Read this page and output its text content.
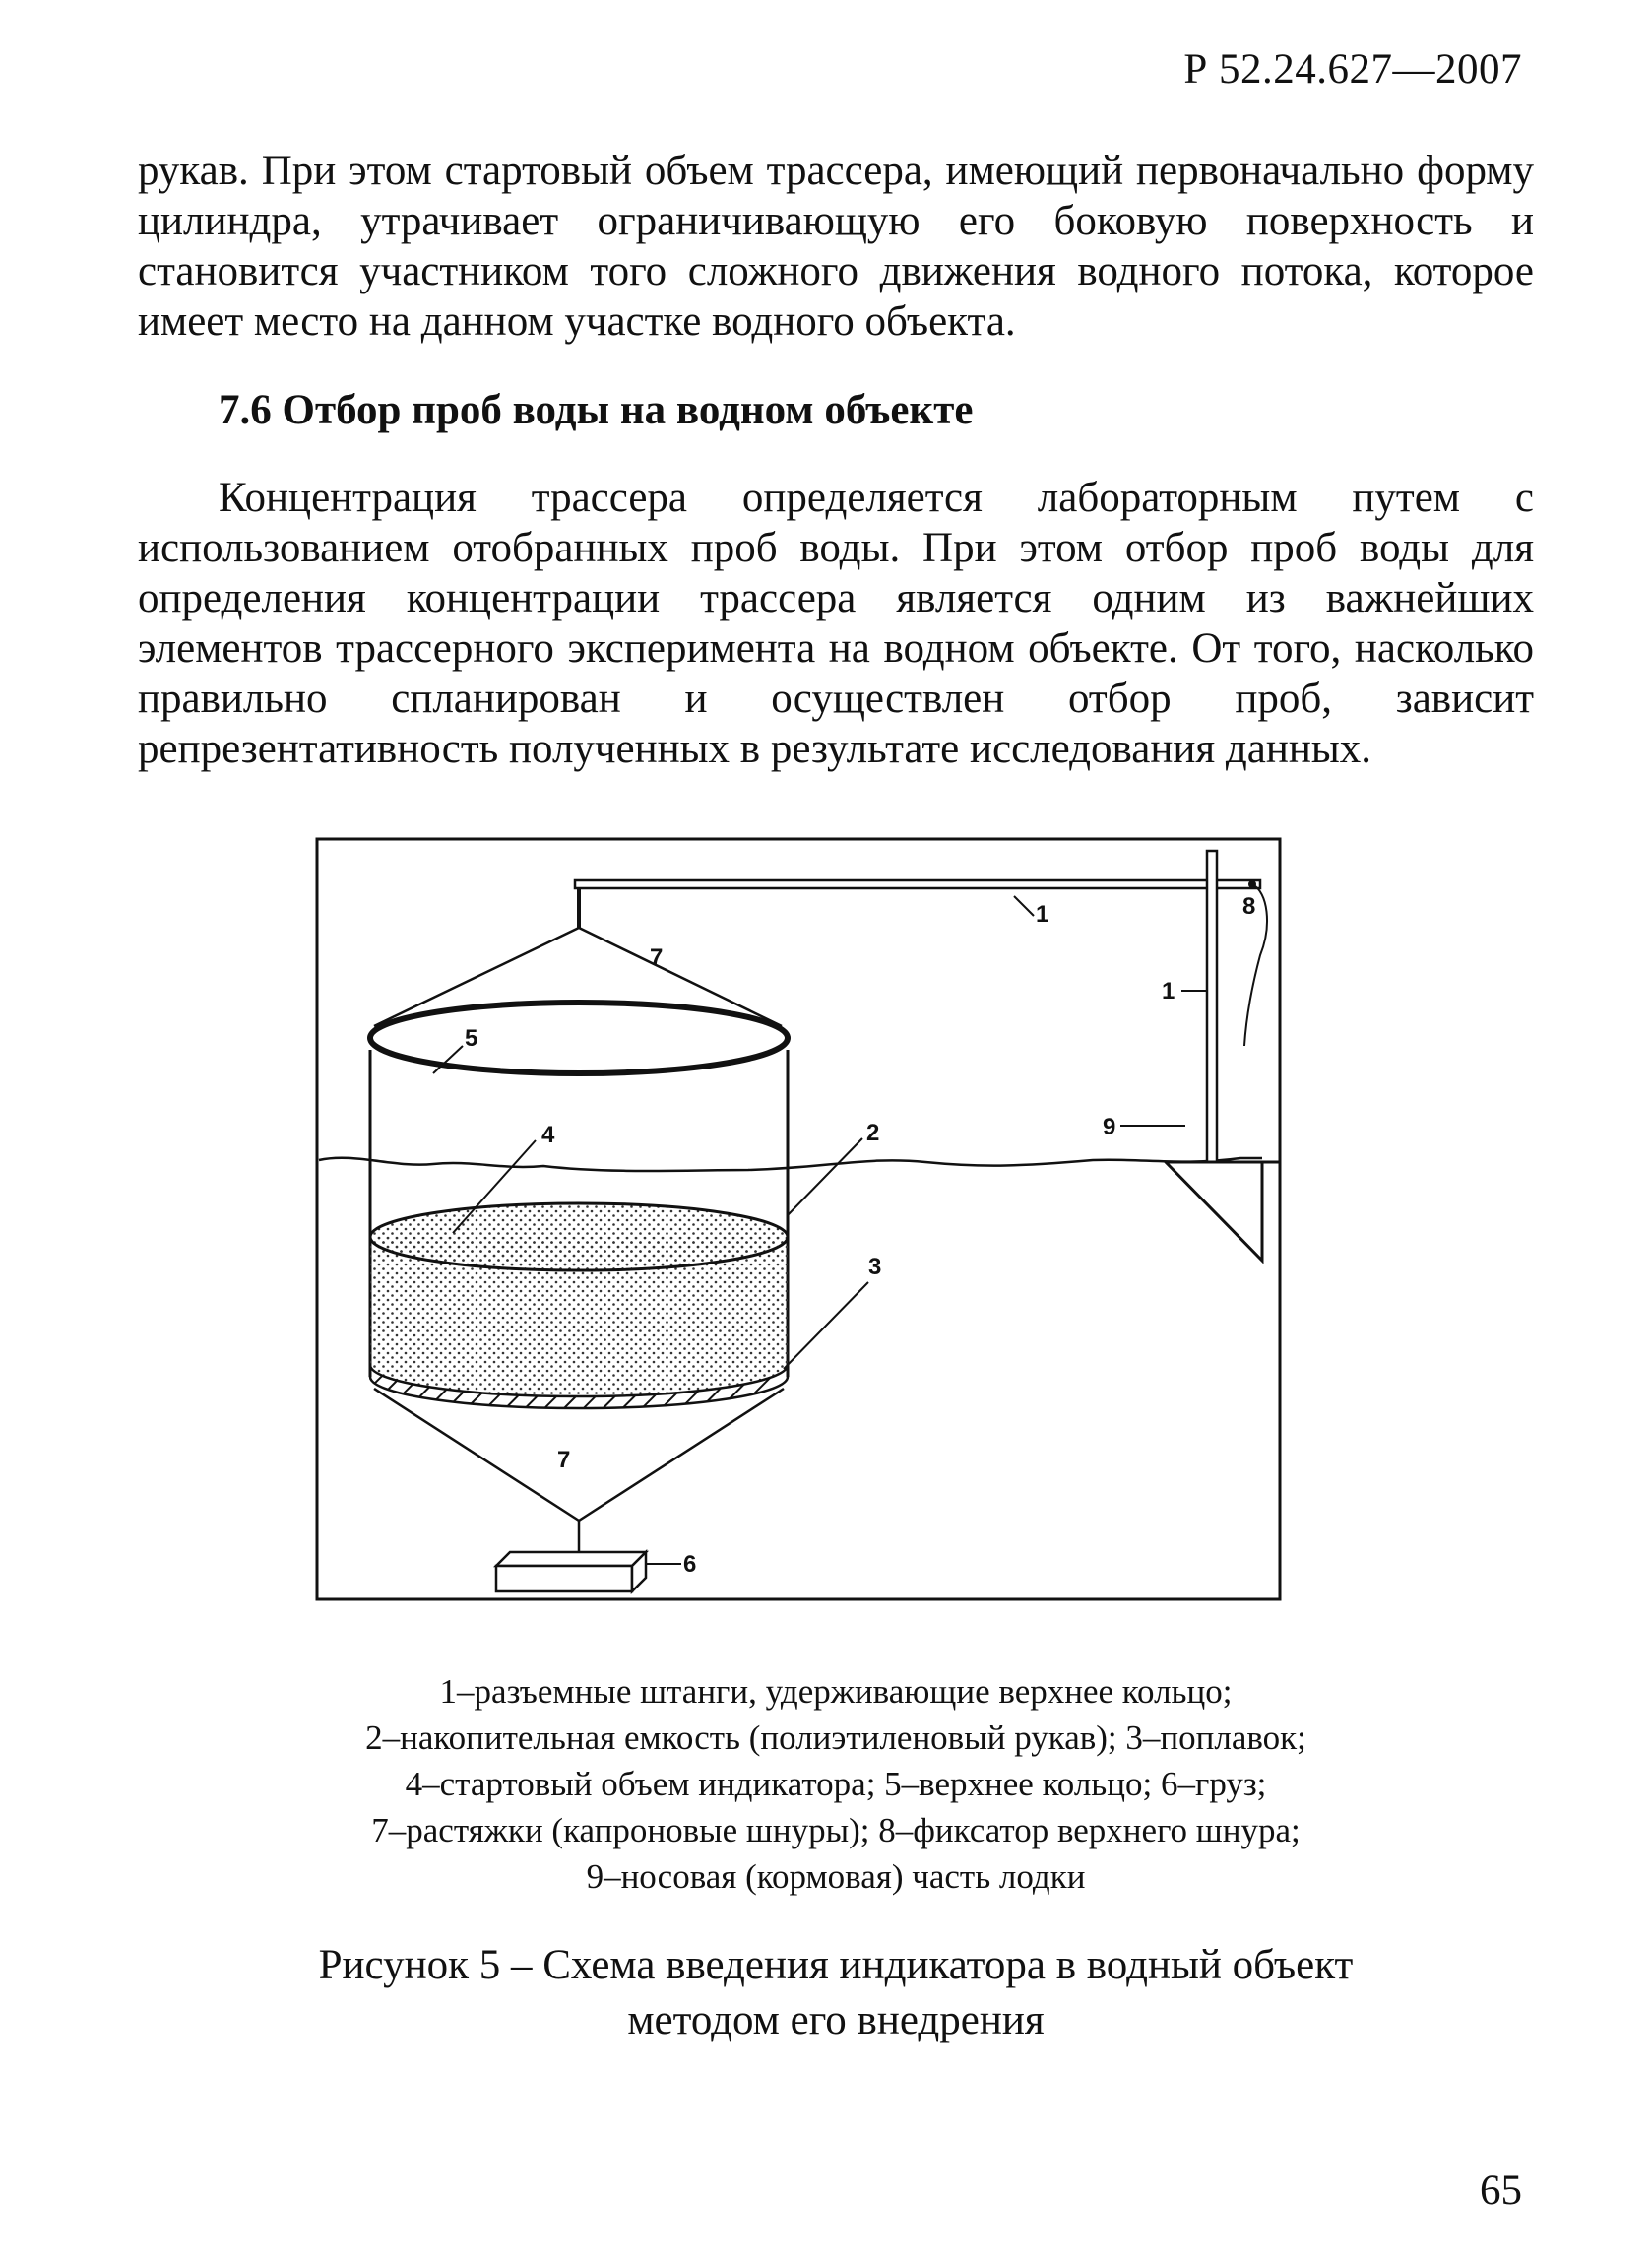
Р 52.24.627—2007

рукав. При этом стартовый объем трассера, имеющий первоначально форму цилиндра, утрачивает ограничивающую его боковую поверхность и становится участником того сложного движения водного потока, которое имеет место на данном участке водного объекта.

7.6 Отбор проб воды на водном объекте

Концентрация трассера определяется лабораторным путем с использованием отобранных проб воды. При этом отбор проб воды для определения концентрации трассера является одним из важнейших элементов трассерного эксперимента на водном объекте. От того, насколько правильно спланирован и осуществлен отбор проб, зависит репрезентативность полученных в результате исследования данных.

1
1
2
3
4
5
6
7
7
8
9
1–разъемные штанги, удерживающие верхнее кольцо;
2–накопительная емкость (полиэтиленовый рукав); 3–поплавок;
4–стартовый объем индикатора; 5–верхнее кольцо; 6–груз;
7–растяжки (капроновые шнуры); 8–фиксатор верхнего шнура;
9–носовая (кормовая) часть лодки
Рисунок 5 – Схема введения индикатора в водный объект
методом его внедрения
65
